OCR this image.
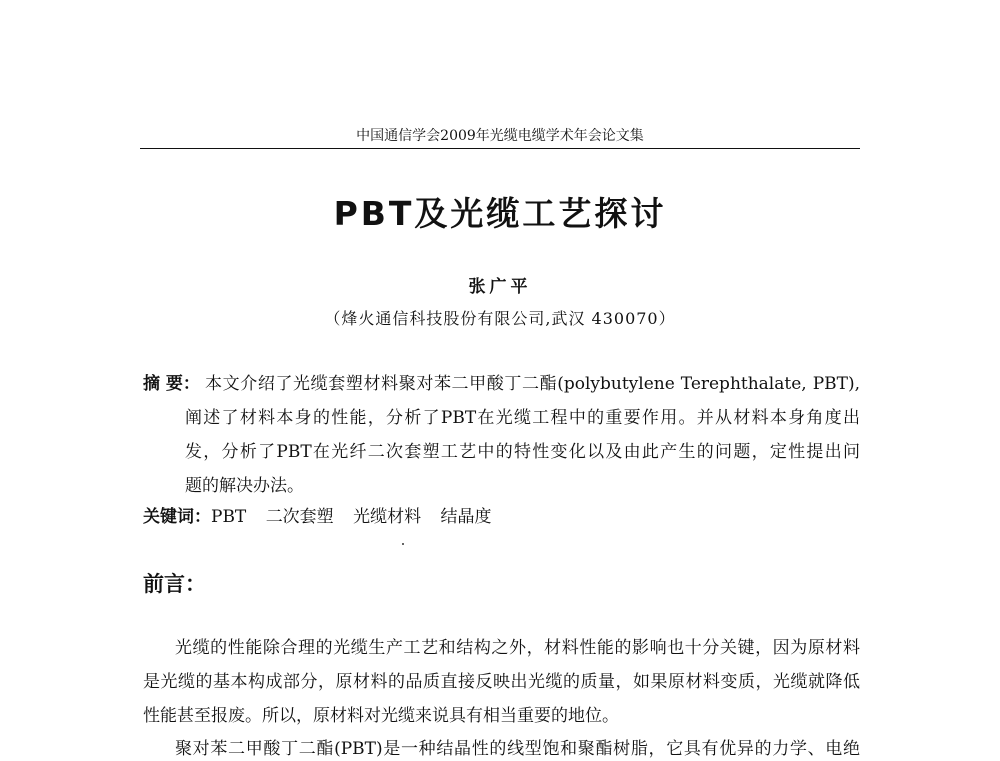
中国通信学会2009年光缆电缆学术年会论文集
PBT及光缆工艺探讨
张广平
（烽火通信科技股份有限公司,武汉 430070）
摘 要： 本文介绍了光缆套塑材料聚对苯二甲酸丁二酯(polybutylene Terephthalate, PBT),
阐述了材料本身的性能，分析了PBT在光缆工程中的重要作用。并从材料本身角度出
发，分析了PBT在光纤二次套塑工艺中的特性变化以及由此产生的问题，定性提出问
题的解决办法。
关键词：PBT 二次套塑 光缆材料 结晶度
前言：
光缆的性能除合理的光缆生产工艺和结构之外，材料性能的影响也十分关键，因为原材料
是光缆的基本构成部分，原材料的品质直接反映出光缆的质量，如果原材料变质，光缆就降低
性能甚至报废。所以，原材料对光缆来说具有相当重要的地位。
聚对苯二甲酸丁二酯(PBT)是一种结晶性的线型饱和聚酯树脂，它具有优异的力学、电绝
